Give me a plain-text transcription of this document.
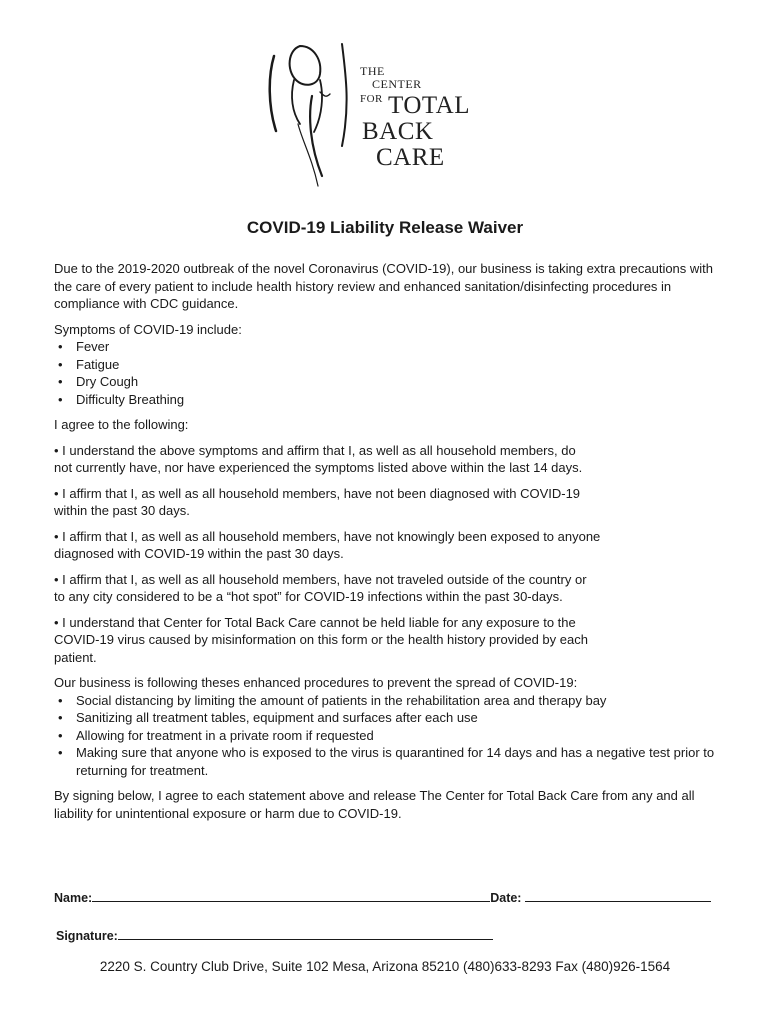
THE
CENTER
FOR TOTAL
BACK
CARE
COVID-19 Liability Release Waiver

Due to the 2019-2020 outbreak of the novel Coronavirus (COVID-19), our business is taking extra precautions with the care of every patient to include health history review and enhanced sanitation/disinfecting procedures in compliance with CDC guidance.

Symptoms of COVID-19 include:

• Fever
• Fatigue
• Dry Cough
• Difficulty Breathing

I agree to the following:

• I understand the above symptoms and affirm that I, as well as all household members, do not currently have, nor have experienced the symptoms listed above within the last 14 days.

• I affirm that I, as well as all household members, have not been diagnosed with COVID-19 within the past 30 days.

• I affirm that I, as well as all household members, have not knowingly been exposed to anyone diagnosed with COVID-19 within the past 30 days.

• I affirm that I, as well as all household members, have not traveled outside of the country or to any city considered to be a “hot spot” for COVID-19 infections within the past 30-days.

• I understand that Center for Total Back Care cannot be held liable for any exposure to the COVID-19 virus caused by misinformation on this form or the health history provided by each patient.

Our business is following theses enhanced procedures to prevent the spread of COVID-19:

• Social distancing by limiting the amount of patients in the rehabilitation area and therapy bay
• Sanitizing all treatment tables, equipment and surfaces after each use
• Allowing for treatment in a private room if requested
• Making sure that anyone who is exposed to the virus is quarantined for 14 days and has a negative test prior to returning for treatment.

By signing below, I agree to each statement above and release The Center for Total Back Care from any and all liability for unintentional exposure or harm due to COVID-19.

Name:	Date:
Signature:
2220 S. Country Club Drive, Suite 102 Mesa, Arizona 85210 (480)633-8293 Fax (480)926-1564
